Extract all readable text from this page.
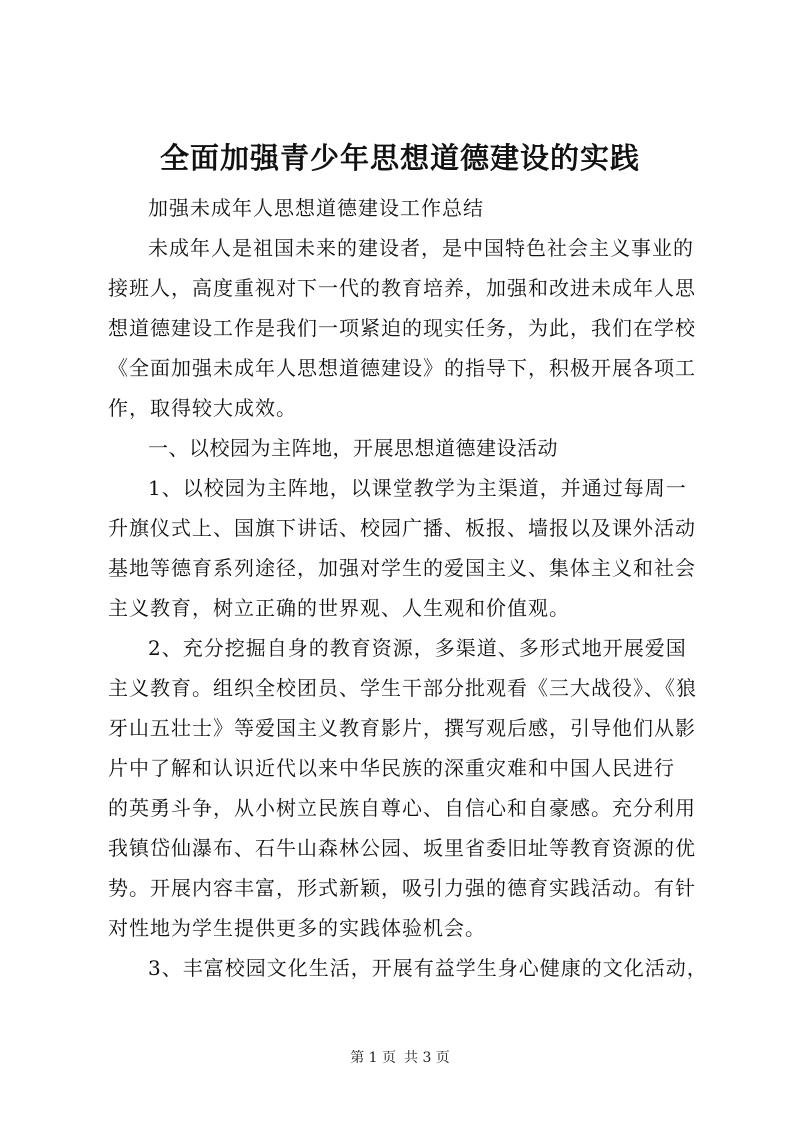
全面加强青少年思想道德建设的实践
加强未成年人思想道德建设工作总结
未成年人是祖国未来的建设者，是中国特色社会主义事业的
接班人，高度重视对下一代的教育培养，加强和改进未成年人思
想道德建设工作是我们一项紧迫的现实任务，为此，我们在学校
《全面加强未成年人思想道德建设》的指导下，积极开展各项工
作，取得较大成效。
一、以校园为主阵地，开展思想道德建设活动
1、以校园为主阵地，以课堂教学为主渠道，并通过每周一
升旗仪式上、国旗下讲话、校园广播、板报、墙报以及课外活动
基地等德育系列途径，加强对学生的爱国主义、集体主义和社会
主义教育，树立正确的世界观、人生观和价值观。
2、充分挖掘自身的教育资源，多渠道、多形式地开展爱国
主义教育。组织全校团员、学生干部分批观看《三大战役》、《狼
牙山五壮士》等爱国主义教育影片，撰写观后感，引导他们从影
片中了解和认识近代以来中华民族的深重灾难和中国人民进行
的英勇斗争，从小树立民族自尊心、自信心和自豪感。充分利用
我镇岱仙瀑布、石牛山森林公园、坂里省委旧址等教育资源的优
势。开展内容丰富，形式新颖，吸引力强的德育实践活动。有针
对性地为学生提供更多的实践体验机会。
3、丰富校园文化生活，开展有益学生身心健康的文化活动，
第 1 页 共 3 页
